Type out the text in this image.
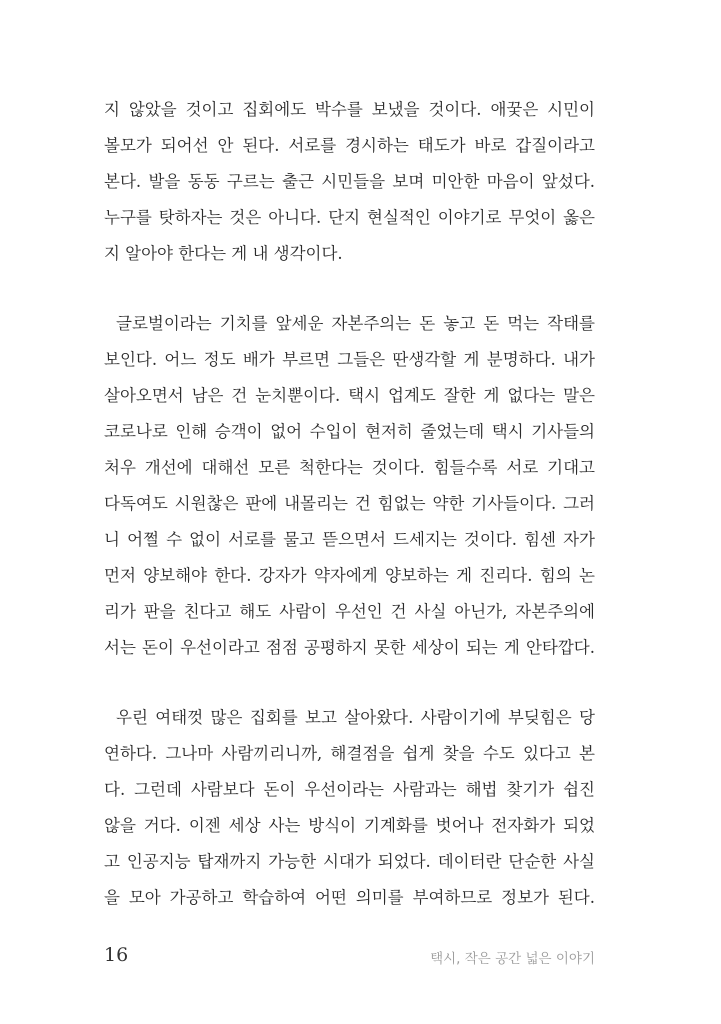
지 않았을 것이고 집회에도 박수를 보냈을 것이다. 애꿎은 시민이
볼모가 되어선 안 된다. 서로를 경시하는 태도가 바로 갑질이라고
본다. 발을 동동 구르는 출근 시민들을 보며 미안한 마음이 앞섰다.
누구를 탓하자는 것은 아니다. 단지 현실적인 이야기로 무엇이 옳은
지 알아야 한다는 게 내 생각이다.
글로벌이라는 기치를 앞세운 자본주의는 돈 놓고 돈 먹는 작태를
보인다. 어느 정도 배가 부르면 그들은 딴생각할 게 분명하다. 내가
살아오면서 남은 건 눈치뿐이다. 택시 업계도 잘한 게 없다는 말은
코로나로 인해 승객이 없어 수입이 현저히 줄었는데 택시 기사들의
처우 개선에 대해선 모른 척한다는 것이다. 힘들수록 서로 기대고
다독여도 시원찮은 판에 내몰리는 건 힘없는 약한 기사들이다. 그러
니 어쩔 수 없이 서로를 물고 뜯으면서 드세지는 것이다. 힘센 자가
먼저 양보해야 한다. 강자가 약자에게 양보하는 게 진리다. 힘의 논
리가 판을 친다고 해도 사람이 우선인 건 사실 아닌가, 자본주의에
서는 돈이 우선이라고 점점 공평하지 못한 세상이 되는 게 안타깝다.
우린 여태껏 많은 집회를 보고 살아왔다. 사람이기에 부딪힘은 당
연하다. 그나마 사람끼리니까, 해결점을 쉽게 찾을 수도 있다고 본
다. 그런데 사람보다 돈이 우선이라는 사람과는 해법 찾기가 쉽진
않을 거다. 이젠 세상 사는 방식이 기계화를 벗어나 전자화가 되었
고 인공지능 탑재까지 가능한 시대가 되었다. 데이터란 단순한 사실
을 모아 가공하고 학습하여 어떤 의미를 부여하므로 정보가 된다.
16	택시, 작은 공간 넓은 이야기
